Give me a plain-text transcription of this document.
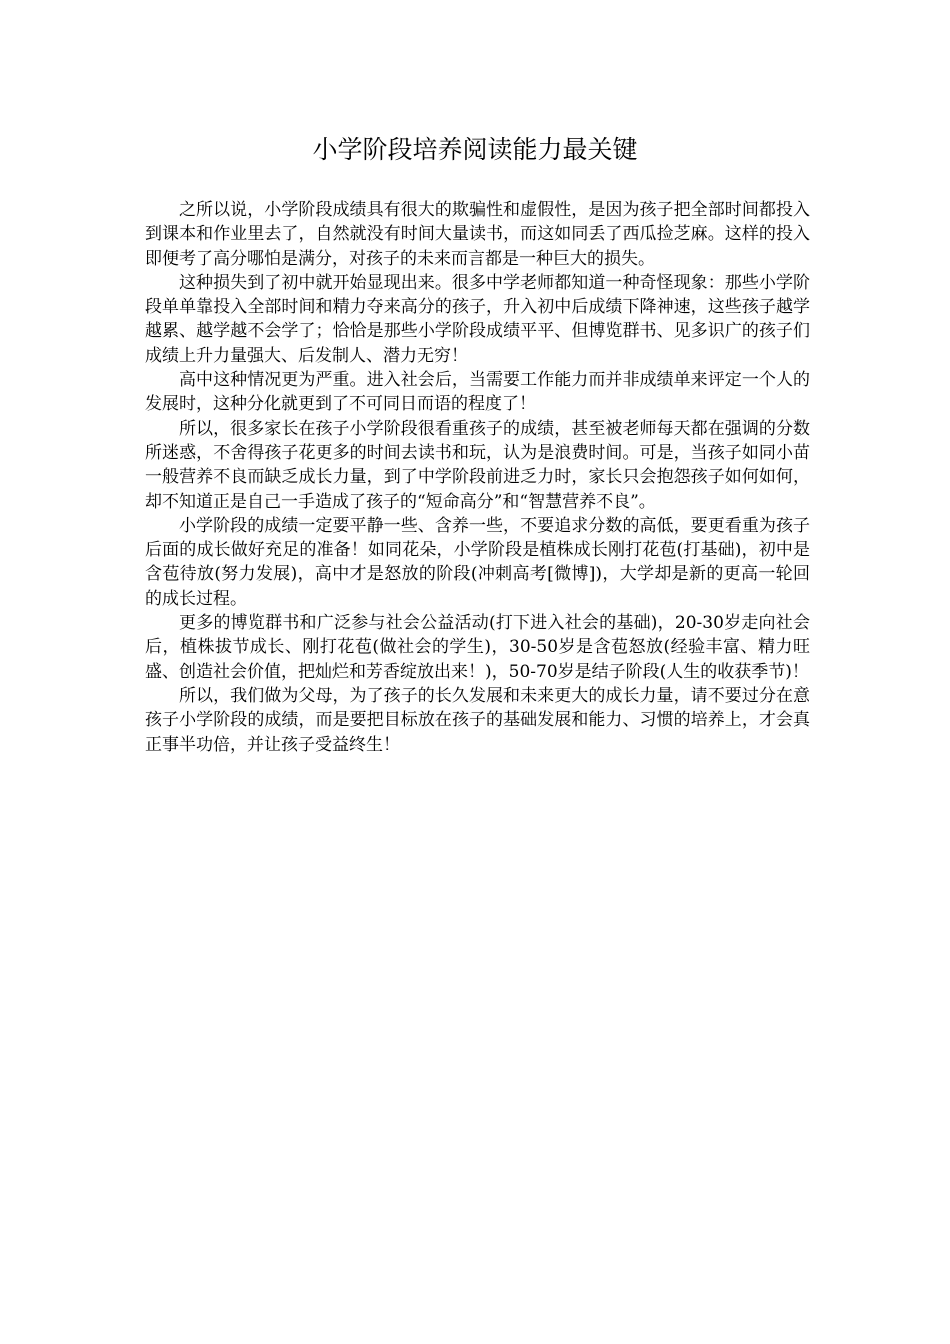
小学阶段培养阅读能力最关键

之所以说，小学阶段成绩具有很大的欺骗性和虚假性，是因为孩子把全部时间都投入到课本和作业里去了，自然就没有时间大量读书，而这如同丢了西瓜捡芝麻。这样的投入即便考了高分哪怕是满分，对孩子的未来而言都是一种巨大的损失。

这种损失到了初中就开始显现出来。很多中学老师都知道一种奇怪现象：那些小学阶段单单靠投入全部时间和精力夺来高分的孩子，升入初中后成绩下降神速，这些孩子越学越累、越学越不会学了；恰恰是那些小学阶段成绩平平、但博览群书、见多识广的孩子们成绩上升力量强大、后发制人、潜力无穷！

高中这种情况更为严重。进入社会后，当需要工作能力而并非成绩单来评定一个人的发展时，这种分化就更到了不可同日而语的程度了！

所以，很多家长在孩子小学阶段很看重孩子的成绩，甚至被老师每天都在强调的分数所迷惑，不舍得孩子花更多的时间去读书和玩，认为是浪费时间。可是，当孩子如同小苗一般营养不良而缺乏成长力量，到了中学阶段前进乏力时，家长只会抱怨孩子如何如何，却不知道正是自己一手造成了孩子的“短命高分”和“智慧营养不良”。

小学阶段的成绩一定要平静一些、含养一些，不要追求分数的高低，要更看重为孩子后面的成长做好充足的准备！如同花朵，小学阶段是植株成长刚打花苞(打基础)，初中是含苞待放(努力发展)，高中才是怒放的阶段(冲刺高考[微博])，大学却是新的更高一轮回的成长过程。

更多的博览群书和广泛参与社会公益活动(打下进入社会的基础)，20-30岁走向社会后，植株拔节成长、刚打花苞(做社会的学生)，30-50岁是含苞怒放(经验丰富、精力旺盛、创造社会价值，把灿烂和芳香绽放出来！)，50-70岁是结子阶段(人生的收获季节)！

所以，我们做为父母，为了孩子的长久发展和未来更大的成长力量，请不要过分在意孩子小学阶段的成绩，而是要把目标放在孩子的基础发展和能力、习惯的培养上，才会真正事半功倍，并让孩子受益终生！
